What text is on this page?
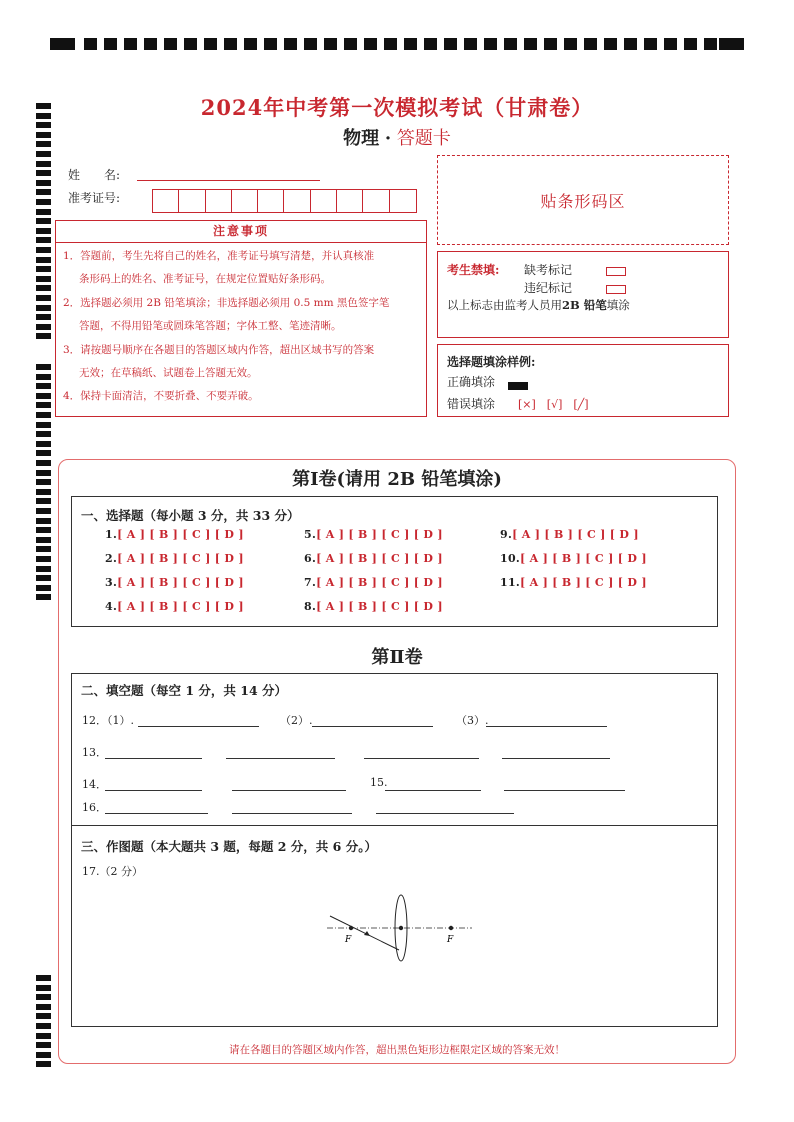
2024年中考第一次模拟考试（甘肃卷）
物理 · 答题卡
姓　　名:
准考证号:	贴条形码区
注意事项
1．答题前，考生先将自己的姓名，准考证号填写清楚，并认真核准
条形码上的姓名、准考证号，在规定位置贴好条形码。
2．选择题必须用 2B 铅笔填涂；非选择题必须用 0.5 mm 黑色签字笔
答题，不得用铅笔或圆珠笔答题；字体工整、笔迹清晰。
3．请按题号顺序在各题目的答题区域内作答，超出区域书写的答案
无效；在草稿纸、试题卷上答题无效。
4．保持卡面清洁，不要折叠、不要弄破。
考生禁填: 缺考标记
违纪标记
以上标志由监考人员用2B 铅笔填涂
选择题填涂样例:
正确填涂
错误填涂 [×]　[√]　[╱]
第Ⅰ卷(请用 2B 铅笔填涂)
一、选择题（每小题 3 分，共 33 分）
1.[ A ] [ B ] [ C ] [ D ]
2.[ A ] [ B ] [ C ] [ D ]
3.[ A ] [ B ] [ C ] [ D ]
4.[ A ] [ B ] [ C ] [ D ]
5.[ A ] [ B ] [ C ] [ D ]
6.[ A ] [ B ] [ C ] [ D ]
7.[ A ] [ B ] [ C ] [ D ]
8.[ A ] [ B ] [ C ] [ D ]
9.[ A ] [ B ] [ C ] [ D ]
10.[ A ] [ B ] [ C ] [ D ]
11.[ A ] [ B ] [ C ] [ D ]
第Ⅱ卷
二、填空题（每空 1 分，共 14 分）
12．（1）.	（2）.	（3）.
13．
14．	15.
16．
三、作图题（本大题共 3 题，每题 2 分，共 6 分。）
17.（2 分）
F	F
请在各题目的答题区域内作答，超出黑色矩形边框限定区域的答案无效！
